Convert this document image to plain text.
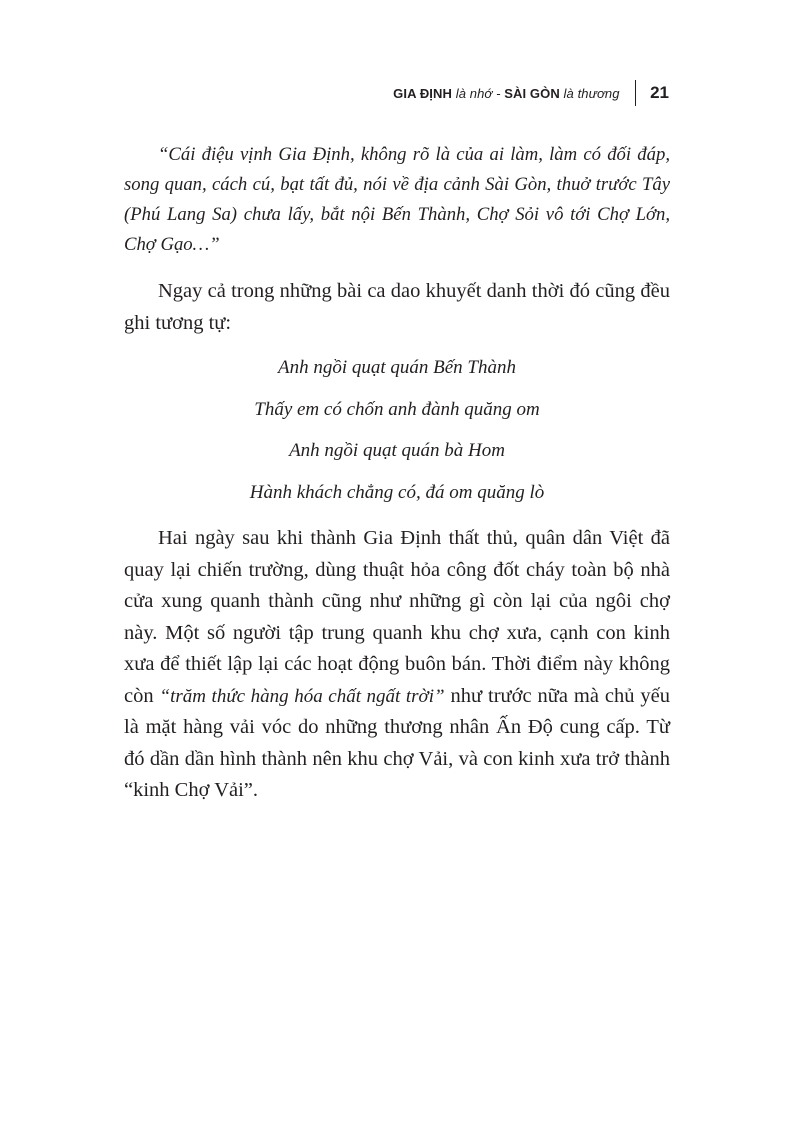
GIA ĐỊNH là nhớ - SÀI GÒN là thương 21

“Cái điệu vịnh Gia Định, không rõ là của ai làm, làm có đối đáp, song quan, cách cú, bạt tất đủ, nói về địa cảnh Sài Gòn, thuở trước Tây (Phú Lang Sa) chưa lấy, bắt nội Bến Thành, Chợ Sỏi vô tới Chợ Lớn, Chợ Gạo…”

Ngay cả trong những bài ca dao khuyết danh thời đó cũng đều ghi tương tự:

Anh ngồi quạt quán Bến Thành
Thấy em có chốn anh đành quăng om
Anh ngồi quạt quán bà Hom
Hành khách chẳng có, đá om quăng lò

Hai ngày sau khi thành Gia Định thất thủ, quân dân Việt đã quay lại chiến trường, dùng thuật hỏa công đốt cháy toàn bộ nhà cửa xung quanh thành cũng như những gì còn lại của ngôi chợ này. Một số người tập trung quanh khu chợ xưa, cạnh con kinh xưa để thiết lập lại các hoạt động buôn bán. Thời điểm này không còn “trăm thức hàng hóa chất ngất trời” như trước nữa mà chủ yếu là mặt hàng vải vóc do những thương nhân Ấn Độ cung cấp. Từ đó dần dần hình thành nên khu chợ Vải, và con kinh xưa trở thành “kinh Chợ Vải”.
